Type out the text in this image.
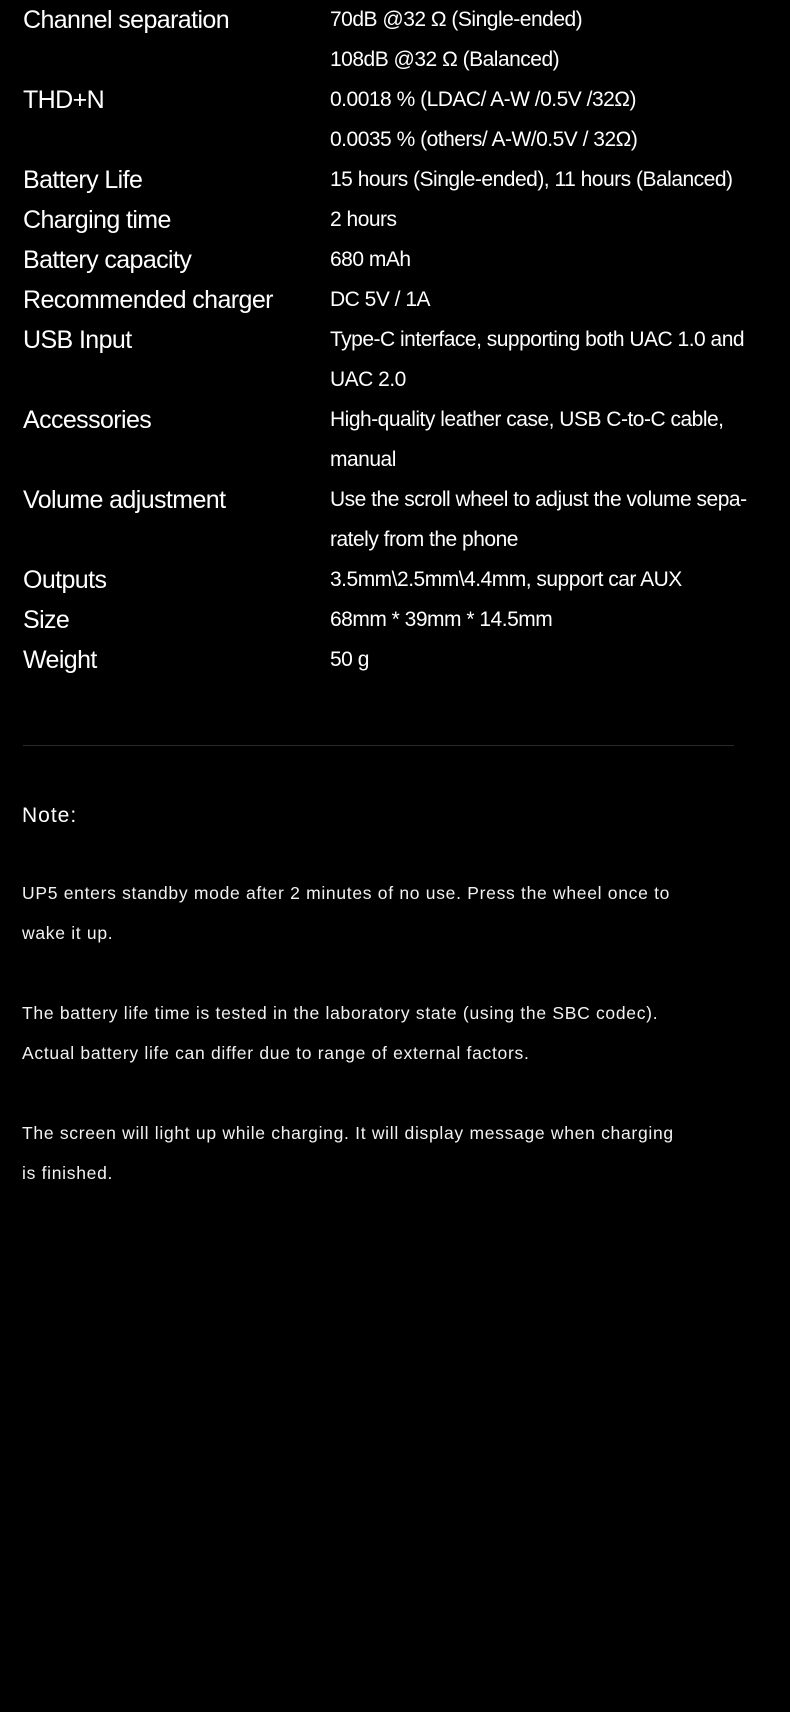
Channel separation	70dB @32 Ω (Single-ended)
108dB @32 Ω (Balanced)
THD+N	0.0018 % (LDAC/ A-W /0.5V /32Ω)
0.0035 % (others/ A-W/0.5V / 32Ω)
Battery Life	15 hours (Single-ended), 11 hours (Balanced)
Charging time	2 hours
Battery capacity	680 mAh
Recommended charger	DC 5V / 1A
USB Input	Type-C interface, supporting both UAC 1.0 and
UAC 2.0
Accessories	High-quality leather case, USB C-to-C cable,
manual
Volume adjustment	Use the scroll wheel to adjust the volume sepa-
rately from the phone
Outputs	3.5mm\2.5mm\4.4mm, support car AUX
Size	68mm * 39mm * 14.5mm
Weight	50 g
Note:

UP5 enters standby mode after 2 minutes of no use. Press the wheel once to
wake it up.

The battery life time is tested in the laboratory state (using the SBC codec).
Actual battery life can differ due to range of external factors.

The screen will light up while charging. It will display message when charging
is finished.
